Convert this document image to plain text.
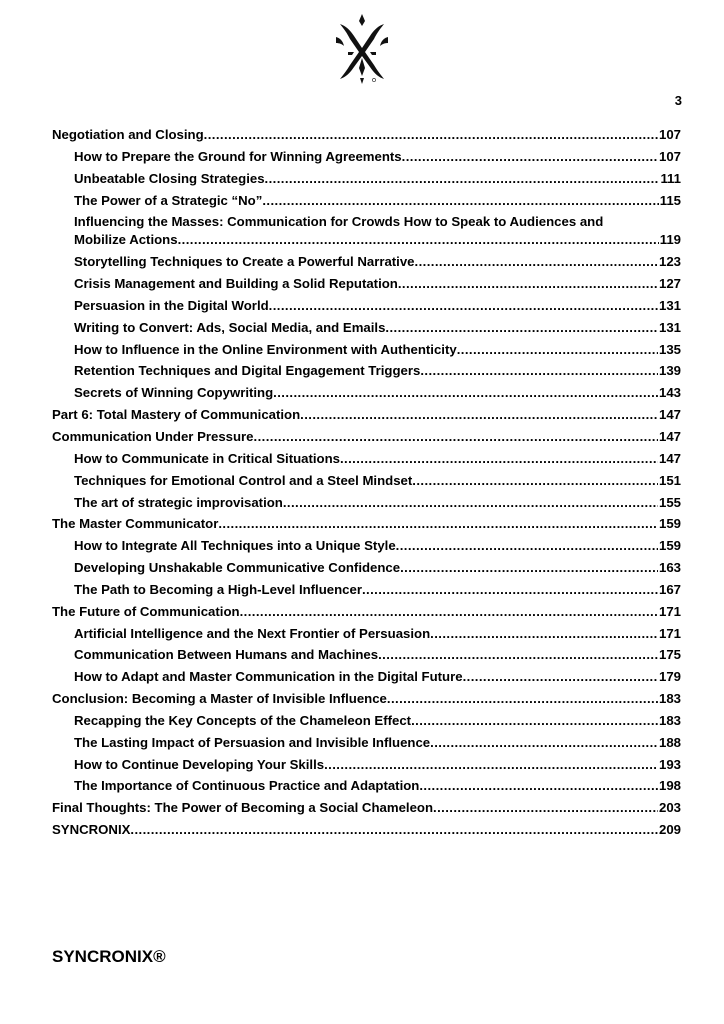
3
Negotiation and Closing .....	107
How to Prepare the Ground for Winning Agreements .....	107
Unbeatable Closing Strategies .....	111
The Power of a Strategic “No” .....	115
Influencing the Masses: Communication for Crowds How to Speak to Audiences and
Mobilize Actions .....	119
Storytelling Techniques to Create a Powerful Narrative .....	123
Crisis Management and Building a Solid Reputation .....	127
Persuasion in the Digital World .....	131
Writing to Convert: Ads, Social Media, and Emails .....	131
How to Influence in the Online Environment with Authenticity .....	135
Retention Techniques and Digital Engagement Triggers .....	139
Secrets of Winning Copywriting .....	143
Part 6: Total Mastery of Communication .....	147
Communication Under Pressure .....	147
How to Communicate in Critical Situations .....	147
Techniques for Emotional Control and a Steel Mindset .....	151
The art of strategic improvisation .....	155
The Master Communicator .....	159
How to Integrate All Techniques into a Unique Style .....	159
Developing Unshakable Communicative Confidence .....	163
The Path to Becoming a High-Level Influencer .....	167
The Future of Communication .....	171
Artificial Intelligence and the Next Frontier of Persuasion .....	171
Communication Between Humans and Machines .....	175
How to Adapt and Master Communication in the Digital Future .....	179
Conclusion: Becoming a Master of Invisible Influence .....	183
Recapping the Key Concepts of the Chameleon Effect .....	183
The Lasting Impact of Persuasion and Invisible Influence .....	188
How to Continue Developing Your Skills .....	193
The Importance of Continuous Practice and Adaptation .....	198
Final Thoughts: The Power of Becoming a Social Chameleon .....	203
SYNCRONIX .....	209
SYNCRONIX®
